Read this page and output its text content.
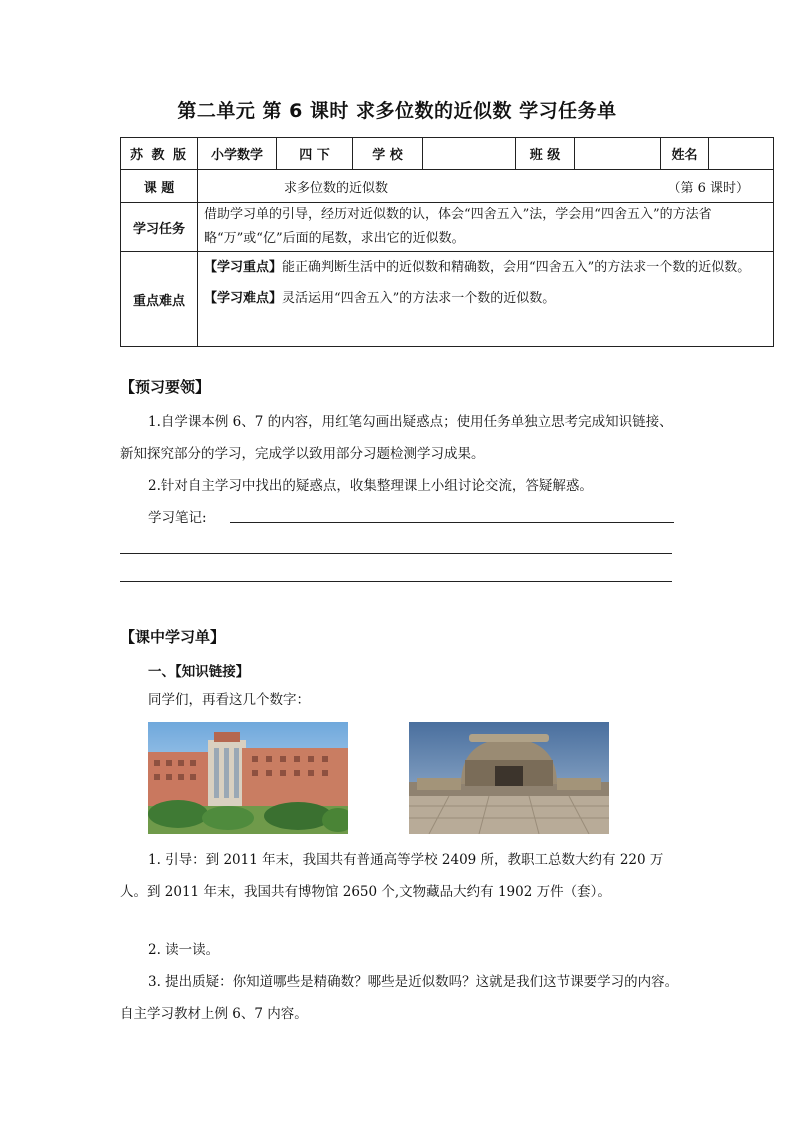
第二单元 第 6 课时 求多位数的近似数 学习任务单
苏 教 版	小学数学	四 下	学 校		班 级		姓名	
课 题	求多位数的近似数 （第 6 课时）							

学习任务	借助学习单的引导，经历对近似数的认，体会“四舍五入”法，学会用“四舍五入”的方法省略“万”或“亿”后面的尾数，求出它的近似数。							
重点难点	【学习重点】能正确判断生活中的近似数和精确数，会用“四舍五入”的方法求一个数的近似数。
【学习难点】灵活运用“四舍五入”的方法求一个数的近似数。							
【预习要领】
1.自学课本例 6、7 的内容，用红笔勾画出疑惑点；使用任务单独立思考完成知识链接、新知探究部分的学习，完成学以致用部分习题检测学习成果。
2.针对自主学习中找出的疑惑点，收集整理课上小组讨论交流，答疑解惑。
学习笔记:
【课中学习单】
一、【知识链接】
同学们，再看这几个数字：
1. 引导：到 2011 年末，我国共有普通高等学校 2409 所，教职工总数大约有 220 万人。到 2011 年末，我国共有博物馆 2650 个,文物藏品大约有 1902 万件（套）。
2. 读一读。
3. 提出质疑：你知道哪些是精确数？哪些是近似数吗？这就是我们这节课要学习的内容。自主学习教材上例 6、7 内容。
